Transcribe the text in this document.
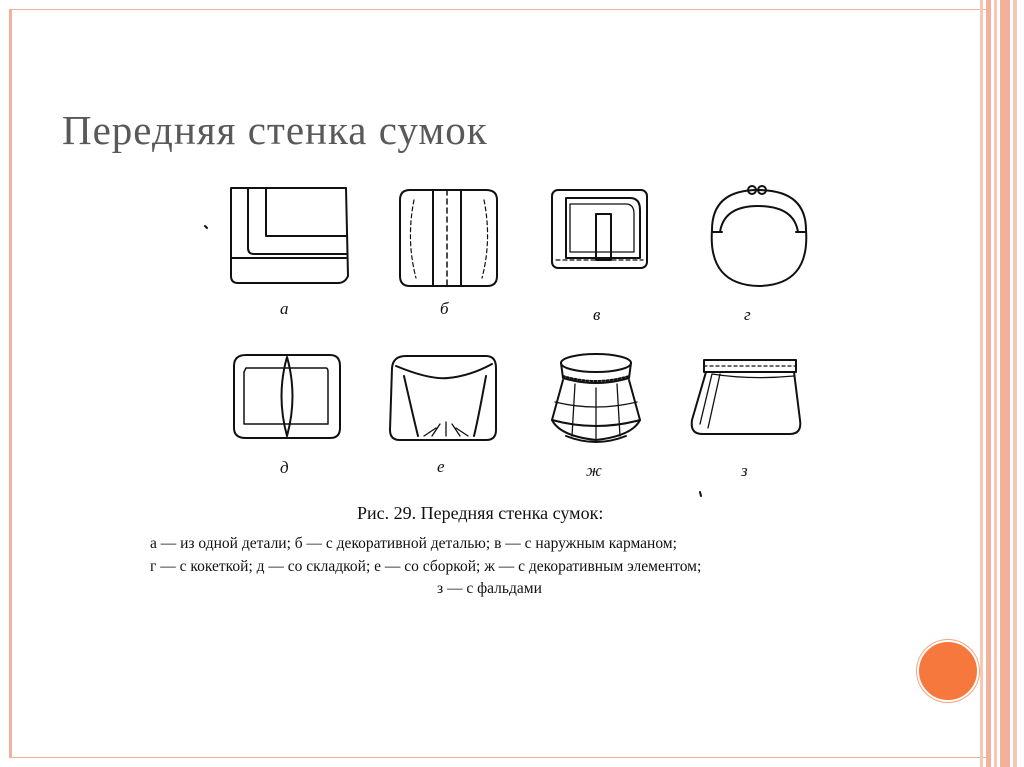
Передняя стенка сумок
а	б	в	г
д	е	ж	з
Рис. 29. Передняя стенка сумок:
а — из одной детали; б — с декоративной деталью; в — с наружным карманом;
г — с кокеткой; д — со складкой; е — со сборкой; ж — с декоративным элементом;
з — с фальдами
